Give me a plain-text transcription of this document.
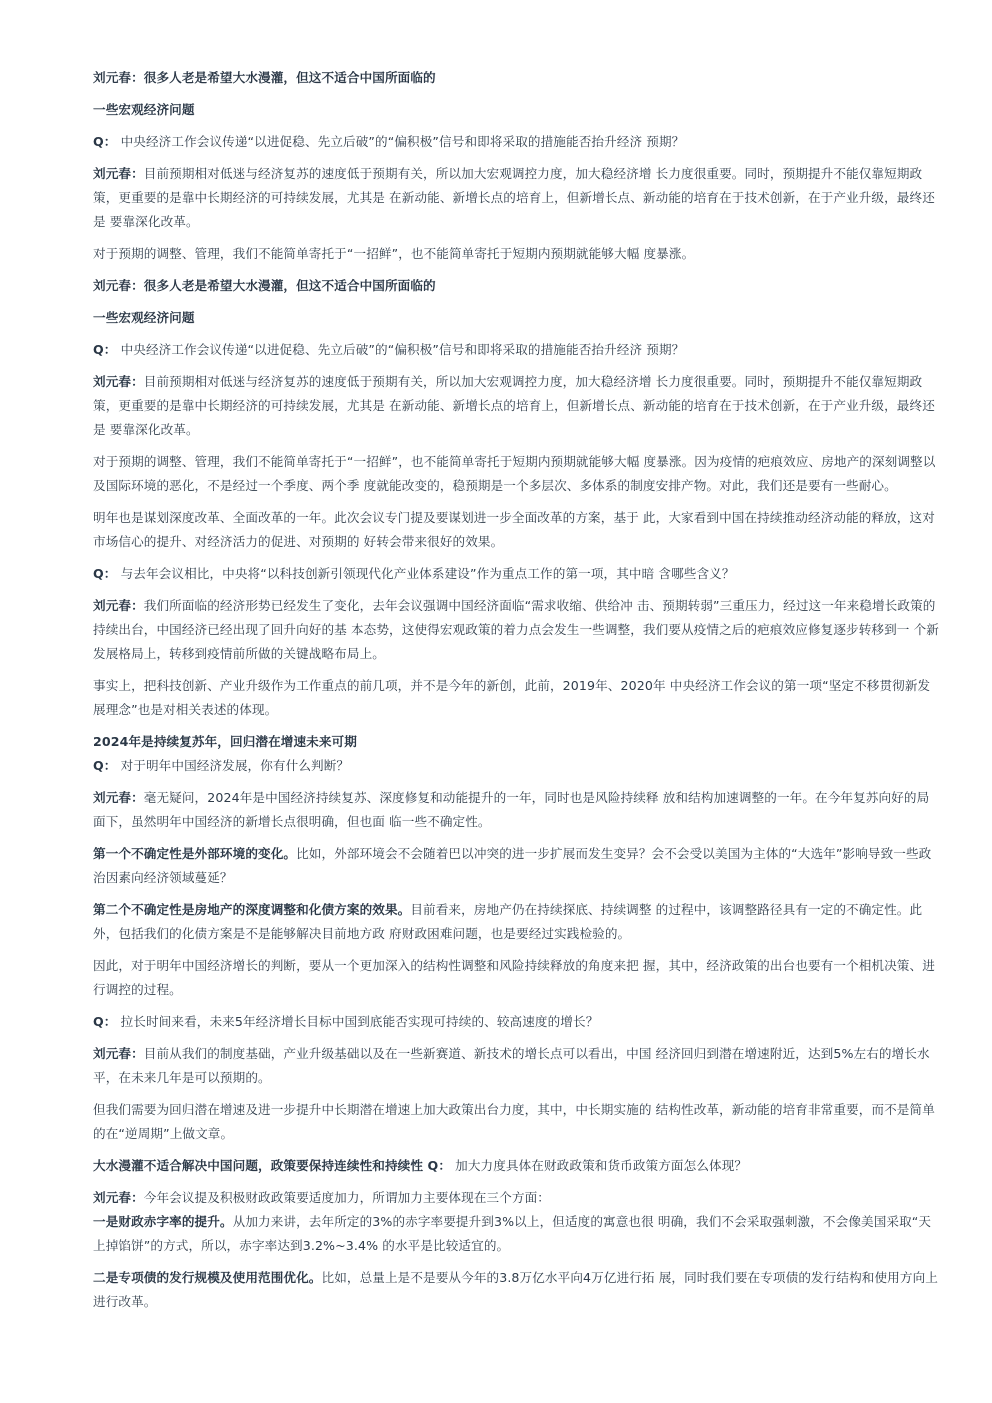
刘元春：很多人老是希望大水漫灌，但这不适合中国所面临的

一些宏观经济问题

Q： 中央经济工作会议传递“以进促稳、先立后破”的“偏积极”信号和即将采取的措施能否抬升经济 预期？

刘元春：目前预期相对低迷与经济复苏的速度低于预期有关，所以加大宏观调控力度，加大稳经济增 长力度很重要。同时，预期提升不能仅靠短期政策，更重要的是靠中长期经济的可持续发展，尤其是 在新动能、新增长点的培育上，但新增长点、新动能的培育在于技术创新，在于产业升级，最终还是 要靠深化改革。

对于预期的调整、管理，我们不能简单寄托于“一招鲜”，也不能简单寄托于短期内预期就能够大幅 度暴涨。

刘元春：很多人老是希望大水漫灌，但这不适合中国所面临的

一些宏观经济问题

Q： 中央经济工作会议传递“以进促稳、先立后破”的“偏积极”信号和即将采取的措施能否抬升经济 预期？

刘元春：目前预期相对低迷与经济复苏的速度低于预期有关，所以加大宏观调控力度，加大稳经济增 长力度很重要。同时，预期提升不能仅靠短期政策，更重要的是靠中长期经济的可持续发展，尤其是 在新动能、新增长点的培育上，但新增长点、新动能的培育在于技术创新，在于产业升级，最终还是 要靠深化改革。

对于预期的调整、管理，我们不能简单寄托于“一招鲜”，也不能简单寄托于短期内预期就能够大幅 度暴涨。因为疫情的疤痕效应、房地产的深刻调整以及国际环境的恶化，不是经过一个季度、两个季 度就能改变的，稳预期是一个多层次、多体系的制度安排产物。对此，我们还是要有一些耐心。

明年也是谋划深度改革、全面改革的一年。此次会议专门提及要谋划进一步全面改革的方案，基于 此，大家看到中国在持续推动经济动能的释放，这对市场信心的提升、对经济活力的促进、对预期的 好转会带来很好的效果。

Q： 与去年会议相比，中央将“以科技创新引领现代化产业体系建设”作为重点工作的第一项，其中暗 含哪些含义？

刘元春：我们所面临的经济形势已经发生了变化，去年会议强调中国经济面临“需求收缩、供给冲 击、预期转弱”三重压力，经过这一年来稳增长政策的持续出台，中国经济已经出现了回升向好的基 本态势，这使得宏观政策的着力点会发生一些调整，我们要从疫情之后的疤痕效应修复逐步转移到一 个新发展格局上，转移到疫情前所做的关键战略布局上。

事实上，把科技创新、产业升级作为工作重点的前几项，并不是今年的新创，此前，2019年、2020年 中央经济工作会议的第一项“坚定不移贯彻新发展理念”也是对相关表述的体现。

2024年是持续复苏年，回归潜在增速未来可期

Q： 对于明年中国经济发展，你有什么判断？

刘元春：毫无疑问，2024年是中国经济持续复苏、深度修复和动能提升的一年，同时也是风险持续释 放和结构加速调整的一年。在今年复苏向好的局面下，虽然明年中国经济的新增长点很明确，但也面 临一些不确定性。

第一个不确定性是外部环境的变化。比如，外部环境会不会随着巴以冲突的进一步扩展而发生变异？会不会受以美国为主体的“大选年”影响导致一些政治因素向经济领域蔓延？

第二个不确定性是房地产的深度调整和化债方案的效果。目前看来，房地产仍在持续探底、持续调整 的过程中，该调整路径具有一定的不确定性。此外，包括我们的化债方案是不是能够解决目前地方政 府财政困难问题，也是要经过实践检验的。

因此，对于明年中国经济增长的判断，要从一个更加深入的结构性调整和风险持续释放的角度来把 握，其中，经济政策的出台也要有一个相机决策、进行调控的过程。

Q： 拉长时间来看，未来5年经济增长目标中国到底能否实现可持续的、较高速度的增长？

刘元春：目前从我们的制度基础，产业升级基础以及在一些新赛道、新技术的增长点可以看出，中国 经济回归到潜在增速附近，达到5%左右的增长水平，在未来几年是可以预期的。

但我们需要为回归潜在增速及进一步提升中长期潜在增速上加大政策出台力度，其中，中长期实施的 结构性改革，新动能的培育非常重要，而不是简单的在“逆周期”上做文章。

大水漫灌不适合解决中国问题，政策要保持连续性和持续性 Q： 加大力度具体在财政政策和货币政策方面怎么体现？

刘元春：今年会议提及积极财政政策要适度加力，所谓加力主要体现在三个方面：

一是财政赤字率的提升。从加力来讲，去年所定的3%的赤字率要提升到3%以上，但适度的寓意也很 明确，我们不会采取强刺激，不会像美国采取“天上掉馅饼”的方式，所以，赤字率达到3.2%~3.4% 的水平是比较适宜的。

二是专项债的发行规模及使用范围优化。比如，总量上是不是要从今年的3.8万亿水平向4万亿进行拓 展，同时我们要在专项债的发行结构和使用方向上进行改革。
